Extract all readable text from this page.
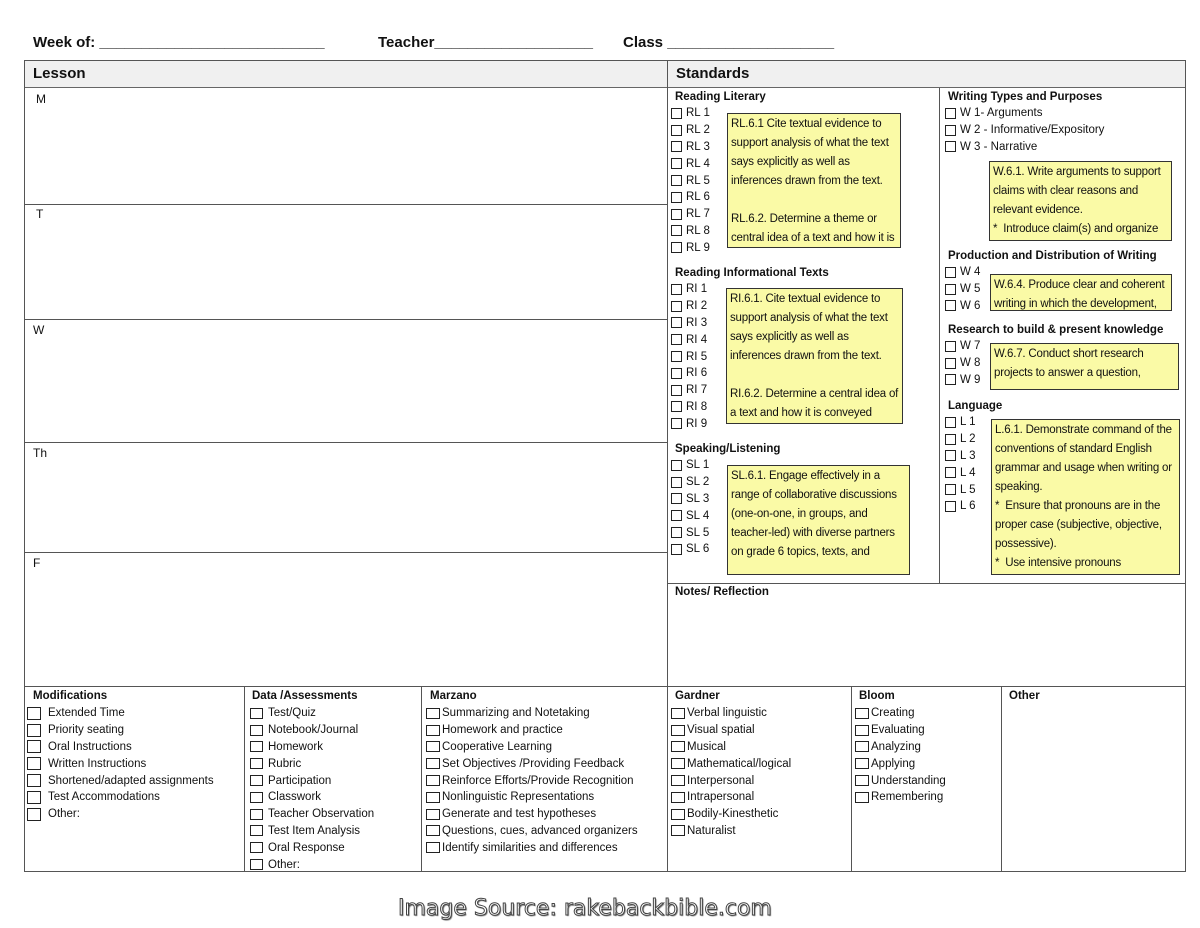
Week of: ___________________________	Teacher___________________ Class ____________________
Lesson	Standards
M
T
W
Th
F
Reading Literary
RL 1
RL 2
RL 3
RL 4
RL 5
RL 6
RL 7
RL 8
RL 9

RL.6.1 Cite textual evidence to support analysis of what the text says explicitly as well as inferences drawn from the text.

RL.6.2. Determine a theme or central idea of a text and how it is

Reading Informational Texts
RI 1
RI 2
RI 3
RI 4
RI 5
RI 6
RI 7
RI 8
RI 9

RI.6.1. Cite textual evidence to support analysis of what the text says explicitly as well as inferences drawn from the text.

RI.6.2. Determine a central idea of a text and how it is conveyed

Speaking/Listening
SL 1
SL 2
SL 3
SL 4
SL 5
SL 6

SL.6.1. Engage effectively in a range of collaborative discussions (one-on-one, in groups, and teacher-led) with diverse partners on grade 6 topics, texts, and

Writing Types and Purposes
W 1- Arguments
W 2 - Informative/Expository
W 3 - Narrative

W.6.1. Write arguments to support claims with clear reasons and relevant evidence.

*  Introduce claim(s) and organize

Production and Distribution of Writing
W 4
W 5
W 6

W.6.4. Produce clear and coherent writing in which the development,

Research to build & present knowledge
W 7
W 8
W 9

W.6.7. Conduct short research projects to answer a question,

Language
L 1
L 2
L 3
L 4
L 5
L 6

L.6.1. Demonstrate command of the conventions of standard English grammar and usage when writing or speaking.

*  Ensure that pronouns are in the proper case (subjective, objective, possessive).

*  Use intensive pronouns

Notes/ Reflection
Modifications
Extended Time
Priority seating
Oral Instructions
Written Instructions
Shortened/adapted assignments
Test Accommodations
Other:
Data /Assessments
Test/Quiz
Notebook/Journal
Homework
Rubric
Participation
Classwork
Teacher Observation
Test Item Analysis
Oral Response
Other:
Marzano
Summarizing and Notetaking
Homework and practice
Cooperative Learning
Set Objectives /Providing Feedback
Reinforce Efforts/Provide Recognition
Nonlinguistic Representations
Generate and test hypotheses
Questions, cues, advanced organizers
Identify similarities and differences
Gardner
Verbal linguistic
Visual spatial
Musical
Mathematical/logical
Interpersonal
Intrapersonal
Bodily-Kinesthetic
Naturalist
Bloom
Creating
Evaluating
Analyzing
Applying
Understanding
Remembering
Other
Image Source: rakebackbible.com
